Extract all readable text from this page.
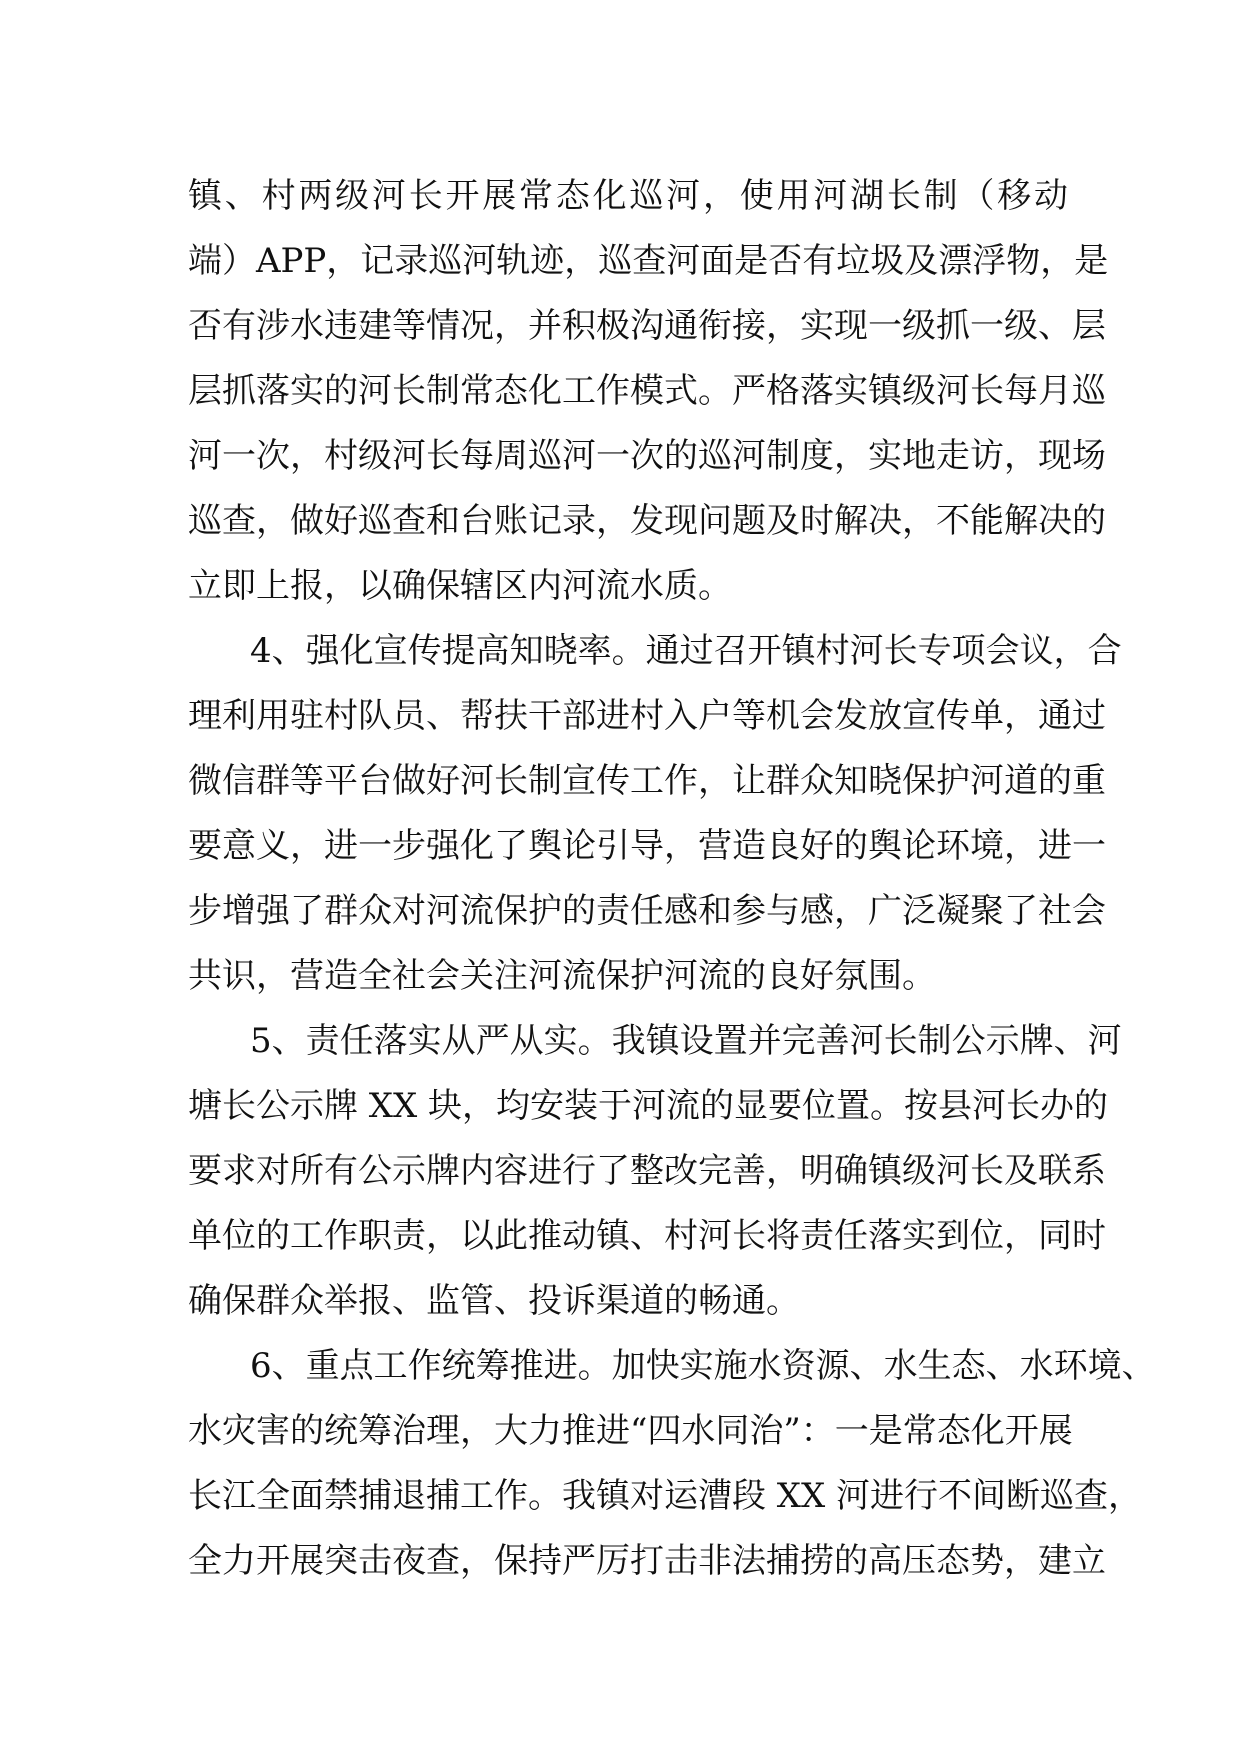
镇、村两级河长开展常态化巡河，使用河湖长制（移动
端）APP，记录巡河轨迹，巡查河面是否有垃圾及漂浮物，是
否有涉水违建等情况，并积极沟通衔接，实现一级抓一级、层
层抓落实的河长制常态化工作模式。严格落实镇级河长每月巡
河一次，村级河长每周巡河一次的巡河制度，实地走访，现场
巡查，做好巡查和台账记录，发现问题及时解决，不能解决的
立即上报，以确保辖区内河流水质。
4、强化宣传提高知晓率。通过召开镇村河长专项会议，合
理利用驻村队员、帮扶干部进村入户等机会发放宣传单，通过
微信群等平台做好河长制宣传工作，让群众知晓保护河道的重
要意义，进一步强化了舆论引导，营造良好的舆论环境，进一
步增强了群众对河流保护的责任感和参与感，广泛凝聚了社会
共识，营造全社会关注河流保护河流的良好氛围。
5、责任落实从严从实。我镇设置并完善河长制公示牌、河
塘长公示牌 XX 块，均安装于河流的显要位置。按县河长办的
要求对所有公示牌内容进行了整改完善，明确镇级河长及联系
单位的工作职责，以此推动镇、村河长将责任落实到位，同时
确保群众举报、监管、投诉渠道的畅通。
6、重点工作统筹推进。加快实施水资源、水生态、水环境、
水灾害的统筹治理，大力推进“四水同治”：一是常态化开展
长江全面禁捕退捕工作。我镇对运漕段 XX 河进行不间断巡查，
全力开展突击夜查，保持严厉打击非法捕捞的高压态势，建立
